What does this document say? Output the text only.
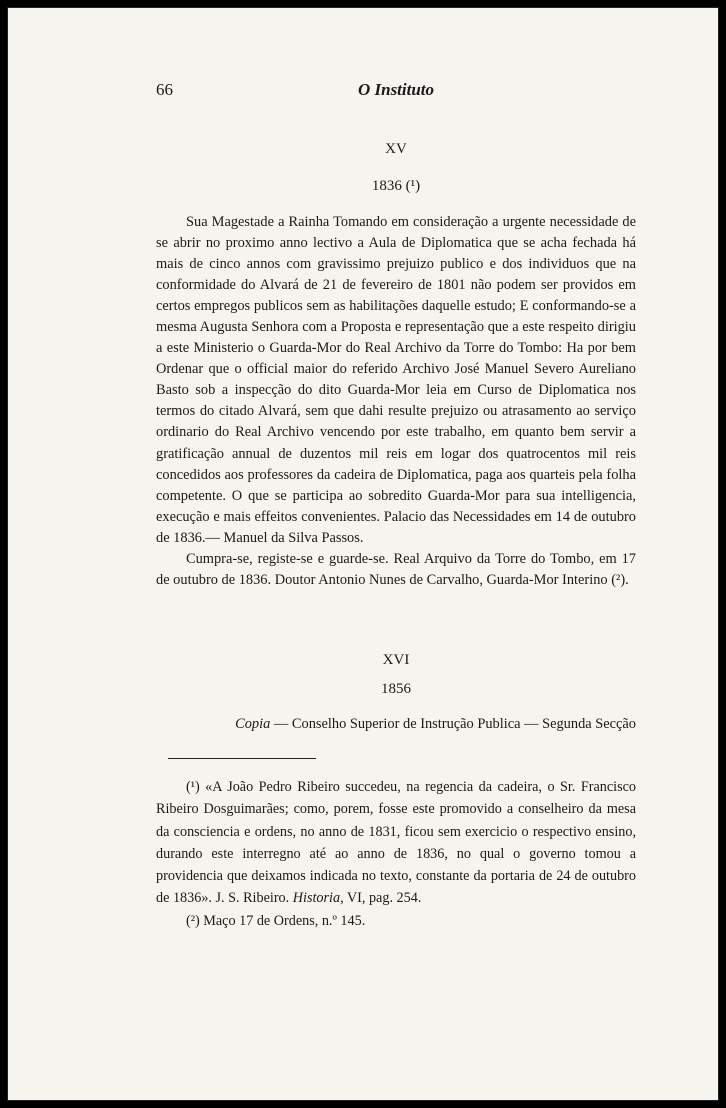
66	O Instituto
XV
1836 (¹)

Sua Magestade a Rainha Tomando em consideração a urgente necessidade de se abrir no proximo anno lectivo a Aula de Diplomatica que se acha fechada há mais de cinco annos com gravissimo prejuizo publico e dos individuos que na conformidade do Alvará de 21 de fevereiro de 1801 não podem ser providos em certos empregos publicos sem as habilitações daquelle estudo; E conformando-se a mesma Augusta Senhora com a Proposta e representação que a este respeito dirigiu a este Ministerio o Guarda-Mor do Real Archivo da Torre do Tombo: Ha por bem Ordenar que o official maior do referido Archivo José Manuel Severo Aureliano Basto sob a inspecção do dito Guarda-Mor leia em Curso de Diplomatica nos termos do citado Alvará, sem que dahi resulte prejuizo ou atrasamento ao serviço ordinario do Real Archivo vencendo por este trabalho, em quanto bem servir a gratificação annual de duzentos mil reis em logar dos quatrocentos mil reis concedidos aos professores da cadeira de Diplomatica, paga aos quarteis pela folha competente. O que se participa ao sobredito Guarda-Mor para sua intelligencia, execução e mais effeitos convenientes. Palacio das Necessidades em 14 de outubro de 1836.— Manuel da Silva Passos.

Cumpra-se, registe-se e guarde-se. Real Arquivo da Torre do Tombo, em 17 de outubro de 1836. Doutor Antonio Nunes de Carvalho, Guarda-Mor Interino (²).

XVI
1856
Copia — Conselho Superior de Instrução Publica — Segunda Secção

(¹) «A João Pedro Ribeiro succedeu, na regencia da cadeira, o Sr. Francisco Ribeiro Dosguimarães; como, porem, fosse este promovido a conselheiro da mesa da consciencia e ordens, no anno de 1831, ficou sem exercicio o respectivo ensino, durando este interregno até ao anno de 1836, no qual o governo tomou a providencia que deixamos indicada no texto, constante da portaria de 24 de outubro de 1836». J. S. Ribeiro. Historia, VI, pag. 254.

(²) Maço 17 de Ordens, n.º 145.
